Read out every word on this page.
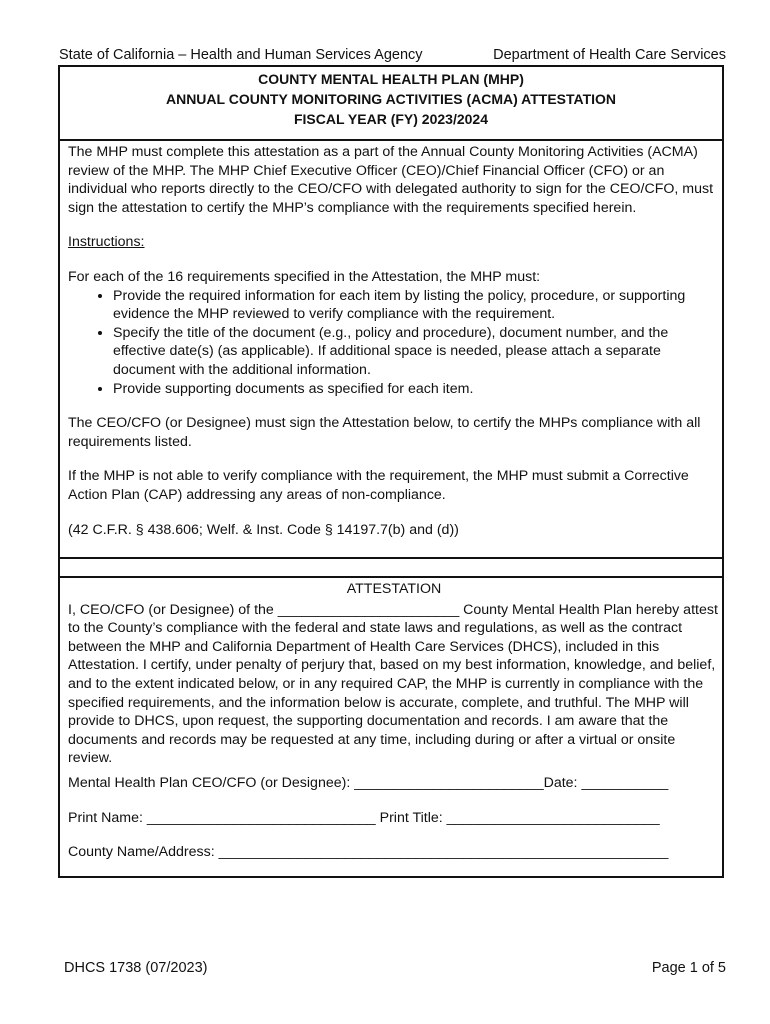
State of California – Health and Human Services Agency	Department of Health Care Services
COUNTY MENTAL HEALTH PLAN (MHP)
ANNUAL COUNTY MONITORING ACTIVITIES (ACMA) ATTESTATION
FISCAL YEAR (FY) 2023/2024

The MHP must complete this attestation as a part of the Annual County Monitoring Activities (ACMA) review of the MHP. The MHP Chief Executive Officer (CEO)/Chief Financial Officer (CFO) or an individual who reports directly to the CEO/CFO with delegated authority to sign for the CEO/CFO, must sign the attestation to certify the MHP’s compliance with the requirements specified herein.

Instructions:

For each of the 16 requirements specified in the Attestation, the MHP must:

• Provide the required information for each item by listing the policy, procedure, or supporting evidence the MHP reviewed to verify compliance with the requirement.
• Specify the title of the document (e.g., policy and procedure), document number, and the effective date(s) (as applicable). If additional space is needed, please attach a separate document with the additional information.
• Provide supporting documents as specified for each item.

The CEO/CFO (or Designee) must sign the Attestation below, to certify the MHPs compliance with all requirements listed.

If the MHP is not able to verify compliance with the requirement, the MHP must submit a Corrective Action Plan (CAP) addressing any areas of non-compliance.

(42 C.F.R. § 438.606; Welf. & Inst. Code § 14197.7(b) and (d))

ATTESTATION

I, CEO/CFO (or Designee) of the _______________________ County Mental Health Plan hereby attest to the County’s compliance with the federal and state laws and regulations, as well as the contract between the MHP and California Department of Health Care Services (DHCS), included in this Attestation. I certify, under penalty of perjury that, based on my best information, knowledge, and belief, and to the extent indicated below, or in any required CAP, the MHP is currently in compliance with the specified requirements, and the information below is accurate, complete, and truthful. The MHP will provide to DHCS, upon request, the supporting documentation and records. I am aware that the documents and records may be requested at any time, including during or after a virtual or onsite review.

Mental Health Plan CEO/CFO (or Designee): ________________________Date: ___________

Print Name: _____________________________ Print Title: ___________________________

County Name/Address: _________________________________________________________

DHCS 1738 (07/2023)	Page 1 of 5
